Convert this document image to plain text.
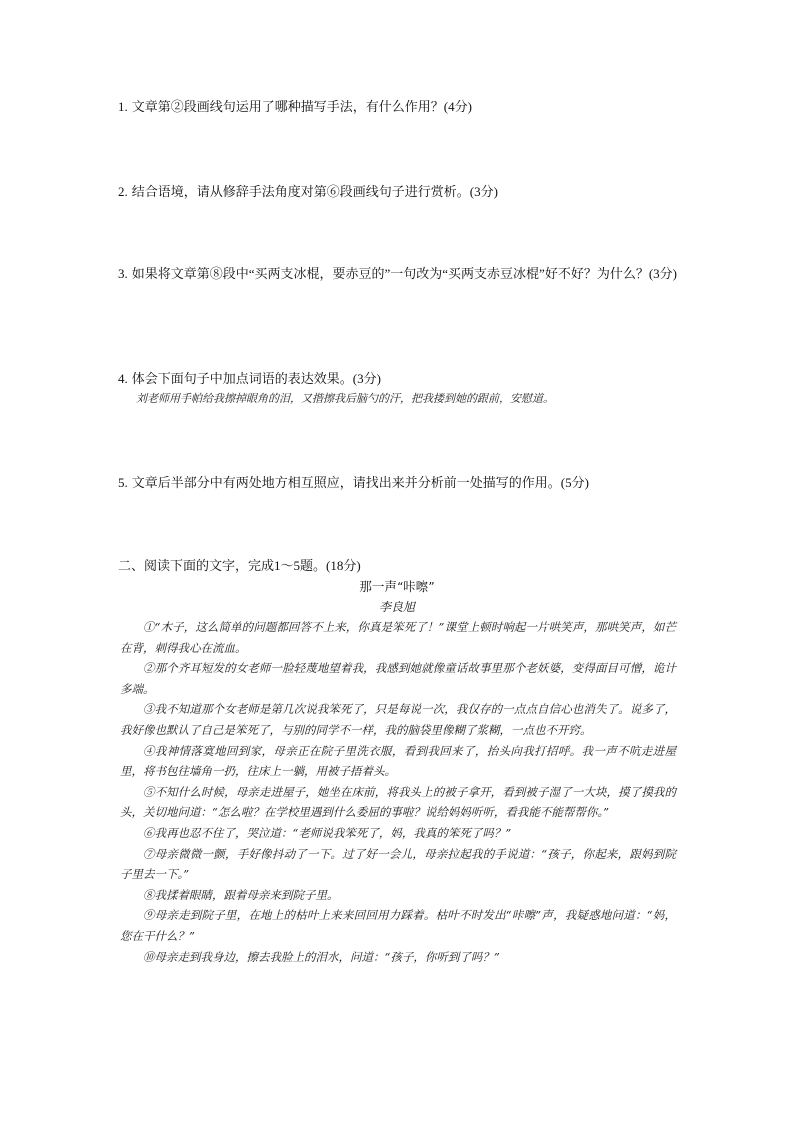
1. 文章第②段画线句运用了哪种描写手法，有什么作用？(4分)

2. 结合语境，请从修辞手法角度对第⑥段画线句子进行赏析。(3分)

3. 如果将文章第⑧段中“买两支冰棍，要赤豆的”一句改为“买两支赤豆冰棍”好不好？为什么？(3分)

4. 体会下面句子中加点词语的表达效果。(3分)

刘老师用手帕给我擦掉眼角的泪，又揩擦我后脑勺的汗，把我搂到她的跟前，安慰道。

5. 文章后半部分中有两处地方相互照应，请找出来并分析前一处描写的作用。(5分)

二、阅读下面的文字，完成1～5题。(18分)
那一声“咔嚓”
李良旭

①“木子，这么简单的问题都回答不上来，你真是笨死了！”课堂上顿时响起一片哄笑声，那哄笑声，如芒在背，刺得我心在流血。

②那个齐耳短发的女老师一脸轻蔑地望着我，我感到她就像童话故事里那个老妖婆，变得面目可憎，诡计多端。

③我不知道那个女老师是第几次说我笨死了，只是每说一次，我仅存的一点点自信心也消失了。说多了，我好像也默认了自己是笨死了，与别的同学不一样，我的脑袋里像糊了浆糊，一点也不开窍。

④我神情落寞地回到家，母亲正在院子里洗衣服，看到我回来了，抬头向我打招呼。我一声不吭走进屋里，将书包往墙角一扔，往床上一躺，用被子捂着头。

⑤不知什么时候，母亲走进屋子，她坐在床前，将我头上的被子拿开，看到被子湿了一大块，摸了摸我的头，关切地问道：“怎么啦？在学校里遇到什么委屈的事啦？说给妈妈听听，看我能不能帮帮你。”

⑥我再也忍不住了，哭泣道：“老师说我笨死了，妈，我真的笨死了吗？”

⑦母亲微微一颤，手好像抖动了一下。过了好一会儿，母亲拉起我的手说道：“孩子，你起来，跟妈到院子里去一下。”

⑧我揉着眼睛，跟着母亲来到院子里。

⑨母亲走到院子里，在地上的枯叶上来来回回用力踩着。枯叶不时发出“咔嚓”声，我疑惑地问道：“妈，您在干什么？”

⑩母亲走到我身边，擦去我脸上的泪水，问道：“孩子，你听到了吗？”
